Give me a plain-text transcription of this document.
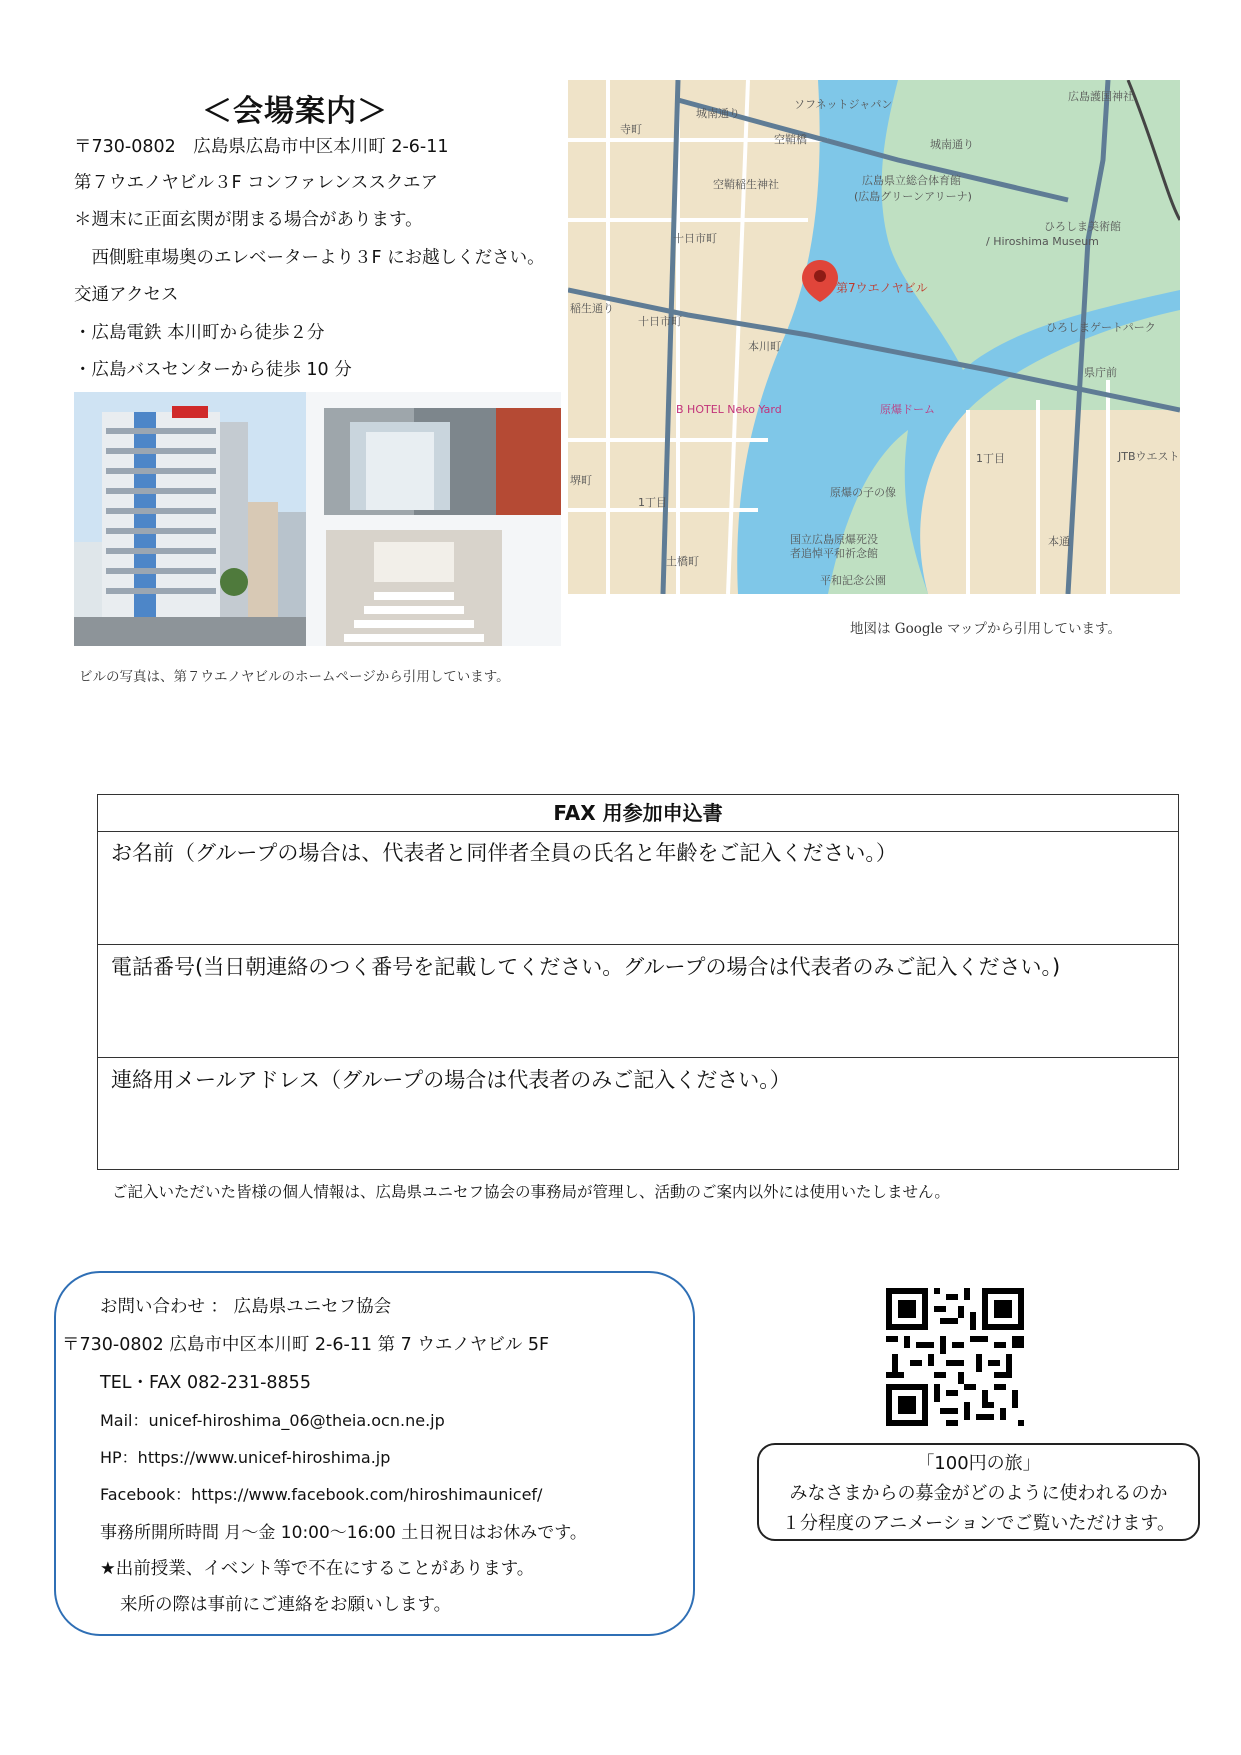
＜会場案内＞
〒730-0802　広島県広島市中区本川町 2-6-11
第７ウエノヤビル３F コンファレンススクエア
＊週末に正面玄関が閉まる場合があります。
　西側駐車場奥のエレベーターより３F にお越しください。
交通アクセス
・広島電鉄 本川町から徒歩２分
・広島バスセンターから徒歩 10 分
ビルの写真は、第７ウエノヤビルのホームページから引用しています。
ソフネットジャパン
城南通り
寺町
空鞘橋	城南通り
空鞘稲生神社	広島県立総合体育館
(広島グリーンアリーナ)
十日市町
ひろしま美術館
/ Hiroshima Museum
稲生通り
十日市町
本川町
ひろしまゲートパーク
県庁前
B HOTEL Neko Yard	原爆ドーム
堺町
1丁目
1丁目
原爆の子の像
国立広島原爆死没
者追悼平和祈念館
平和記念公園
本通
土橋町
JTBウエスト
広島護国神社
第7ウエノヤビル
地図は Google マップから引用しています。
FAX 用参加申込書
お名前（グループの場合は、代表者と同伴者全員の氏名と年齢をご記入ください。）
電話番号(当日朝連絡のつく番号を記載してください。グループの場合は代表者のみご記入ください。)
連絡用メールアドレス（グループの場合は代表者のみご記入ください。）
ご記入いただいた皆様の個人情報は、広島県ユニセフ協会の事務局が管理し、活動のご案内以外には使用いたしません。
お問い合わせ ： 広島県ユニセフ協会
〒730-0802 広島市中区本川町 2-6-11 第 7 ウエノヤビル 5F
TEL・FAX 082-231-8855
Mail：unicef-hiroshima_06@theia.ocn.ne.jp
HP：https://www.unicef-hiroshima.jp
Facebook：https://www.facebook.com/hiroshimaunicef/
事務所開所時間 月～金 10:00～16:00 土日祝日はお休みです。
★出前授業、イベント等で不在にすることがあります。
来所の際は事前にご連絡をお願いします。
「100円の旅」
みなさまからの募金がどのように使われるのか
１分程度のアニメーションでご覧いただけます。
